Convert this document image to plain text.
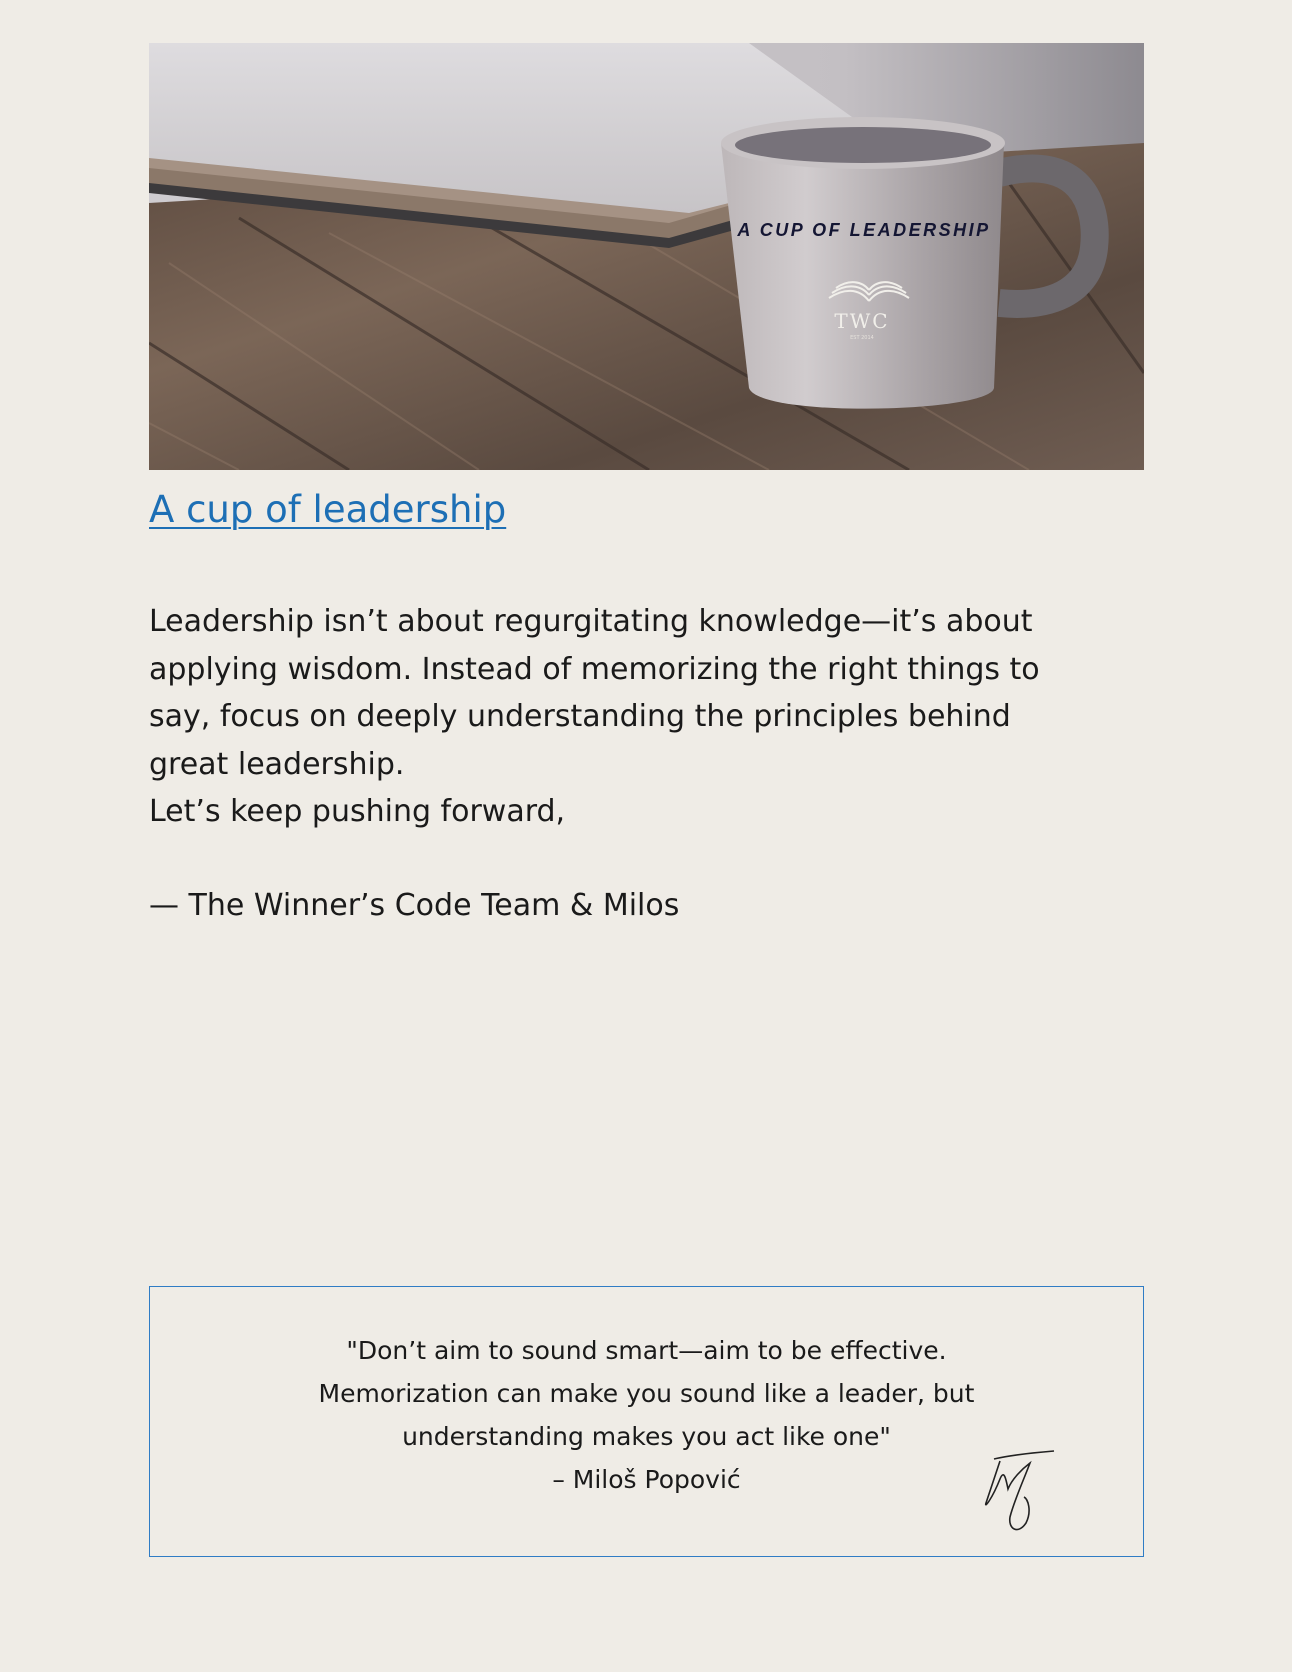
A CUP OF LEADERSHIP
TWC
EST 2014
A cup of leadership

Leadership isn’t about regurgitating knowledge—it’s about applying wisdom. Instead of memorizing the right things to say, focus on deeply understanding the principles behind great leadership.

Let’s keep pushing forward,

— The Winner’s Code Team & Milos
"Don’t aim to sound smart—aim to be effective. Memorization can make you sound like a leader, but understanding makes you act like one"
– Miloš Popović
